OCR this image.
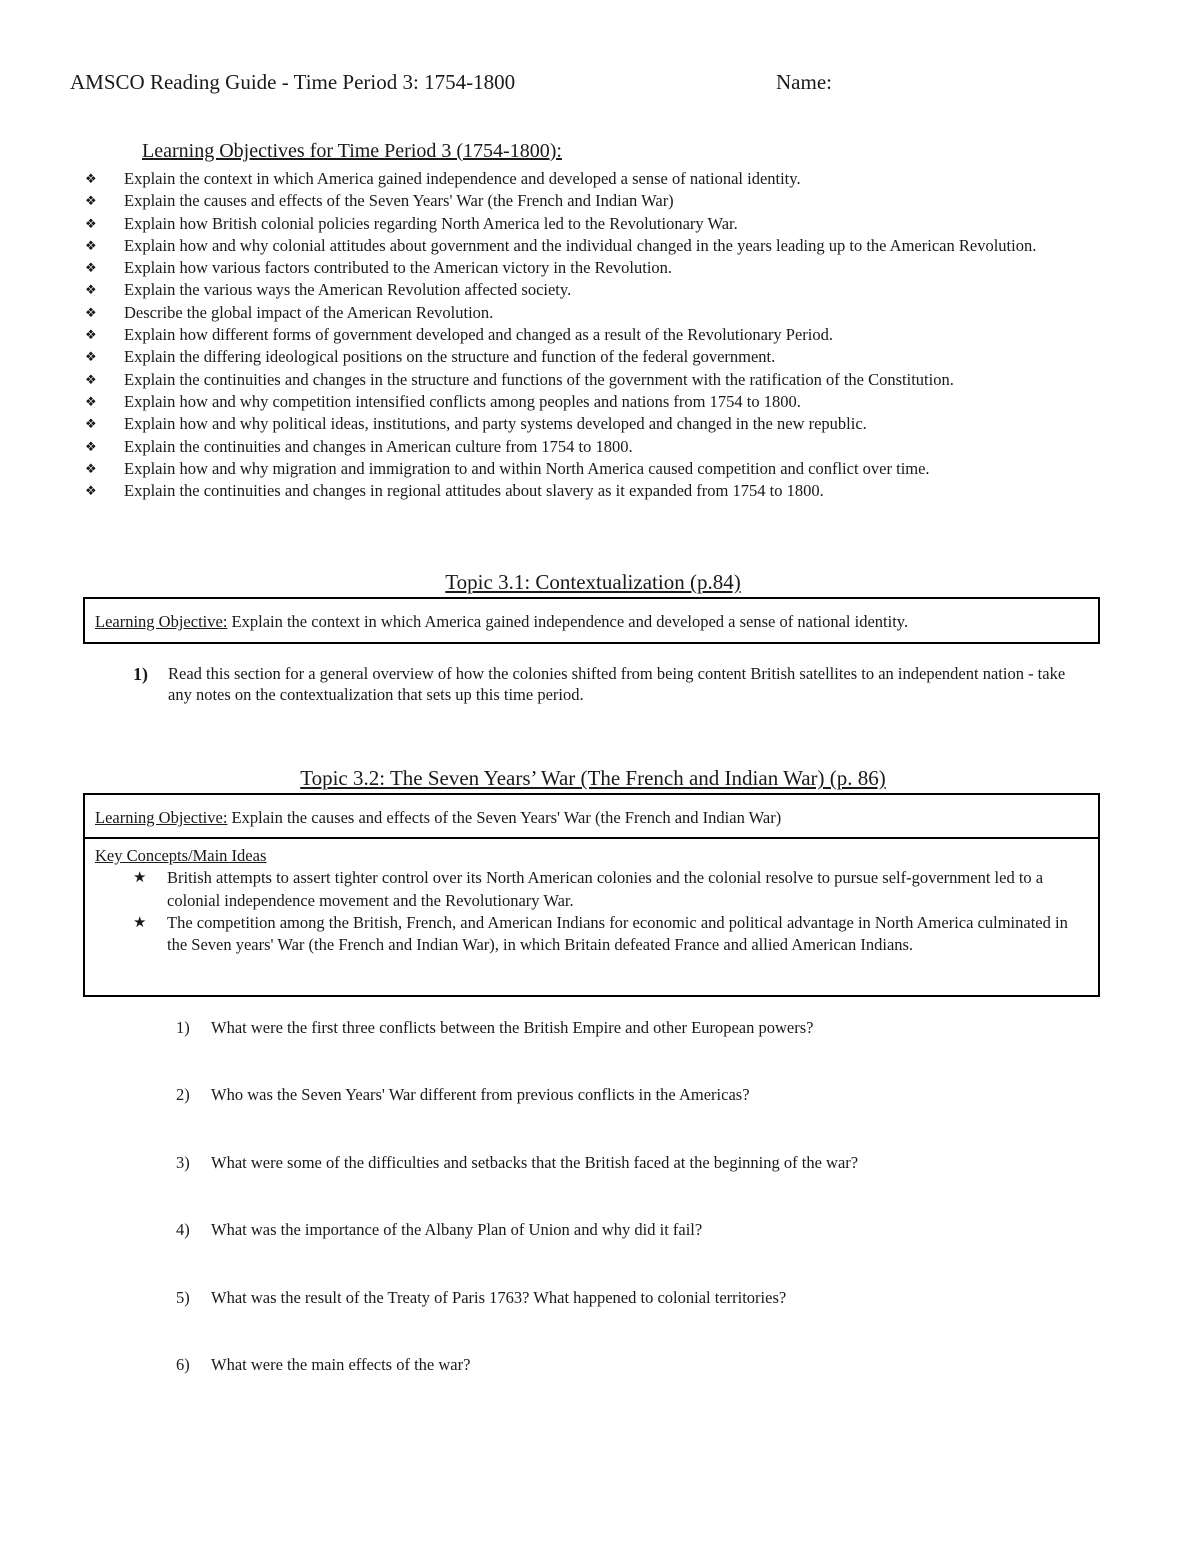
AMSCO Reading Guide - Time Period 3: 1754-1800	Name:
Learning Objectives for Time Period 3 (1754-1800):
❖	Explain the context in which America gained independence and developed a sense of national identity.
❖	Explain the causes and effects of the Seven Years' War (the French and Indian War)
❖	Explain how British colonial policies regarding North America led to the Revolutionary War.
❖	Explain how and why colonial attitudes about government and the individual changed in the years leading up to the American Revolution.
❖	Explain how various factors contributed to the American victory in the Revolution.
❖	Explain the various ways the American Revolution affected society.
❖	Describe the global impact of the American Revolution.
❖	Explain how different forms of government developed and changed as a result of the Revolutionary Period.
❖	Explain the differing ideological positions on the structure and function of the federal government.
❖	Explain the continuities and changes in the structure and functions of the government with the ratification of the Constitution.
❖	Explain how and why competition intensified conflicts among peoples and nations from 1754 to 1800.
❖	Explain how and why political ideas, institutions, and party systems developed and changed in the new republic.
❖	Explain the continuities and changes in American culture from 1754 to 1800.
❖	Explain how and why migration and immigration to and within North America caused competition and conflict over time.
❖	Explain the continuities and changes in regional attitudes about slavery as it expanded from 1754 to 1800.
Topic 3.1: Contextualization (p.84)
Learning Objective: Explain the context in which America gained independence and developed a sense of national identity.
1)	Read this section for a general overview of how the colonies shifted from being content British satellites to an independent nation - take any notes on the contextualization that sets up this time period.
Topic 3.2: The Seven Years’ War (The French and Indian War) (p. 86)
Learning Objective: Explain the causes and effects of the Seven Years' War (the French and Indian War)
Key Concepts/Main Ideas
★ British attempts to assert tighter control over its North American colonies and the colonial resolve to pursue self-government led to a colonial independence movement and the Revolutionary War.
★ The competition among the British, French, and American Indians for economic and political advantage in North America culminated in the Seven years' War (the French and Indian War), in which Britain defeated France and allied American Indians.
1) What were the first three conflicts between the British Empire and other European powers?
2) Who was the Seven Years' War different from previous conflicts in the Americas?
3) What were some of the difficulties and setbacks that the British faced at the beginning of the war?
4) What was the importance of the Albany Plan of Union and why did it fail?
5) What was the result of the Treaty of Paris 1763? What happened to colonial territories?
6) What were the main effects of the war?
